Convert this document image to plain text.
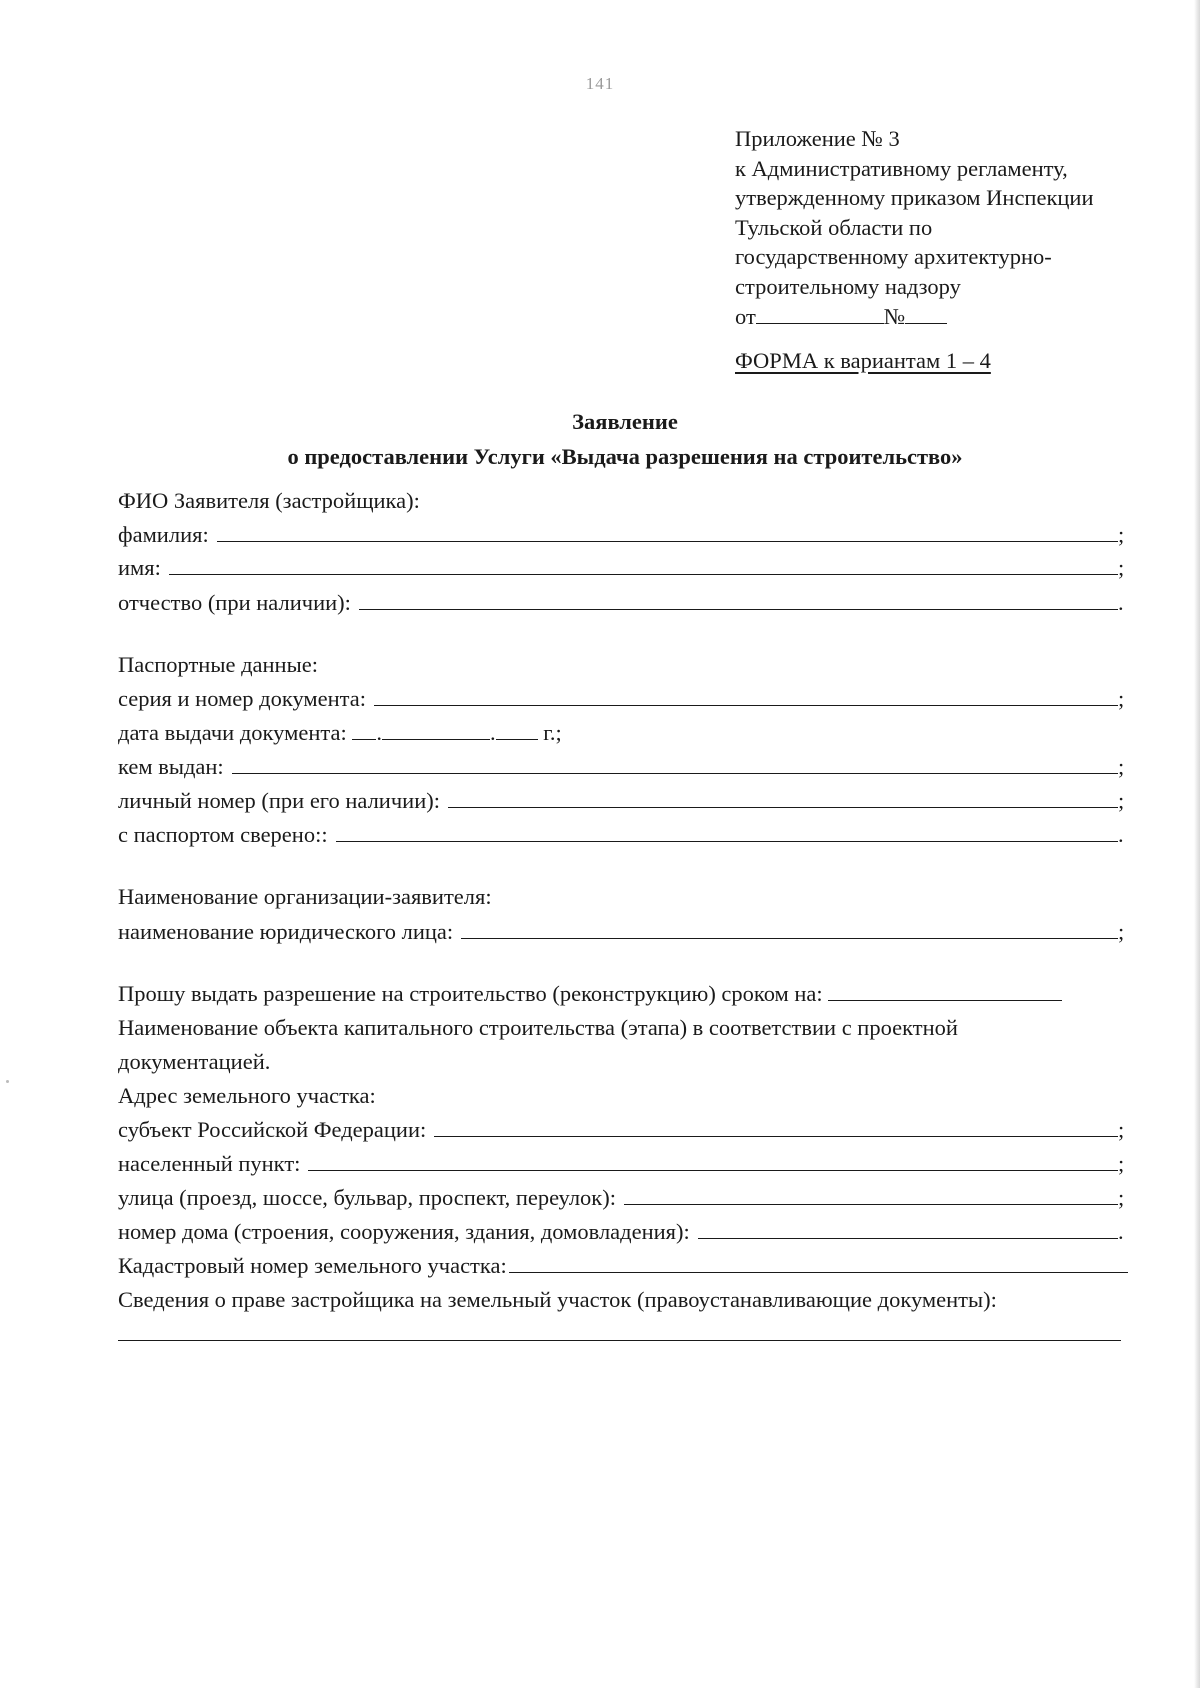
141
Приложение № 3
к Административному регламенту,
утвержденному приказом Инспекции
Тульской области по
государственному архитектурно-
строительному надзору
от	№
ФОРМА к вариантам 1 – 4
Заявление
о предоставлении Услуги «Выдача разрешения на строительство»
ФИО Заявителя (застройщика):
фамилия:	;
имя:	;
отчество (при наличии):	.
Паспортные данные:
серия и номер документа:	;
дата выдачи документа: .	. г.;
кем выдан:	;
личный номер (при его наличии):	;
с паспортом сверено::	.
Наименование организации-заявителя:
наименование юридического лица:	;
Прошу выдать разрешение на строительство (реконструкцию) сроком на:
Наименование объекта капитального строительства (этапа) в соответствии с проектной
документацией.
Адрес земельного участка:
субъект Российской Федерации:	;
населенный пункт:	;
улица (проезд, шоссе, бульвар, проспект, переулок):	;
номер дома (строения, сооружения, здания, домовладения):	.
Кадастровый номер земельного участка:
Сведения о праве застройщика на земельный участок (правоустанавливающие документы):
